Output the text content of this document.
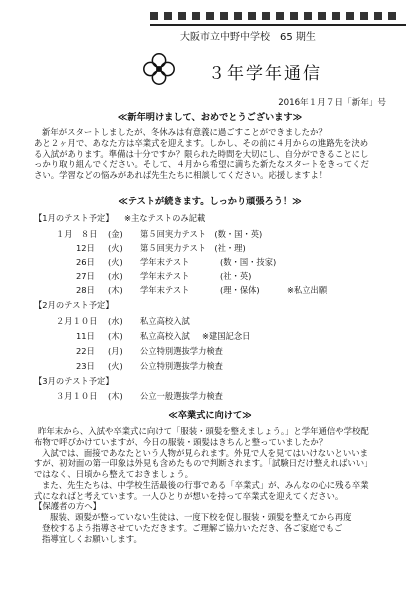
大阪市立中野中学校　65 期生
３年学年通信
2016年１月７日「新年」号
≪新年明けまして、おめでとうございます≫

新年がスタートしましたが、冬休みは有意義に過ごすことができましたか？

あと２ヶ月で、あなた方は卒業式を迎えます。しかし、その前に４月からの進路先を決め

る入試があります。準備は十分ですか？限られた時間を大切にし、自分ができることにし

っかり取り組んでください。そして、４月から希望に満ちた新たなスタートをきってくだ

さい。学習などの悩みがあれば先生たちに相談してください。応援しますよ！

≪テストが続きます。しっかり頑張ろう！≫
【1月のテスト予定】 ※主なテストのみ記載
１月　８日 (金) 第５回実力テスト　(数・国・英)
12日 (火) 第５回実力テスト　(社・理)
26日 (火) 学年末テスト	(数・国・技家)
27日 (水) 学年末テスト	(社・英)
28日 (木) 学年末テスト	(理・保体)	※私立出願
【2月のテスト予定】
２月１０日 (水) 私立高校入試
11日 (木) 私立高校入試 ※建国記念日
22日 (月) 公立特別選抜学力検査
23日 (火) 公立特別選抜学力検査
【3月のテスト予定】
３月１０日 (木) 公立一般選抜学力検査
≪卒業式に向けて≫

昨年末から、入試や卒業式に向けて「服装・頭髪を整えましょう。」と学年通信や学校配

布物で呼びかけていますが、今日の服装・頭髪はきちんと整っていましたか？

入試では、面接であなたという人物が見られます。外見で人を見てはいけないといいま

すが、初対面の第一印象は外見も含めたもので判断されます。「試験日だけ整えればいい」

ではなく、日頃から整えておきましょう。

また、先生たちは、中学校生活最後の行事である「卒業式」が、みんなの心に残る卒業

式になればと考えています。一人ひとりが想いを持って卒業式を迎えてください。

【保護者の方へ】

服装、頭髪が整っていない生徒は、一度下校を促し服装・頭髪を整えてから再度

登校するよう指導させていただきます。ご理解ご協力いただき、各ご家庭でもご

指導宜しくお願いします。
